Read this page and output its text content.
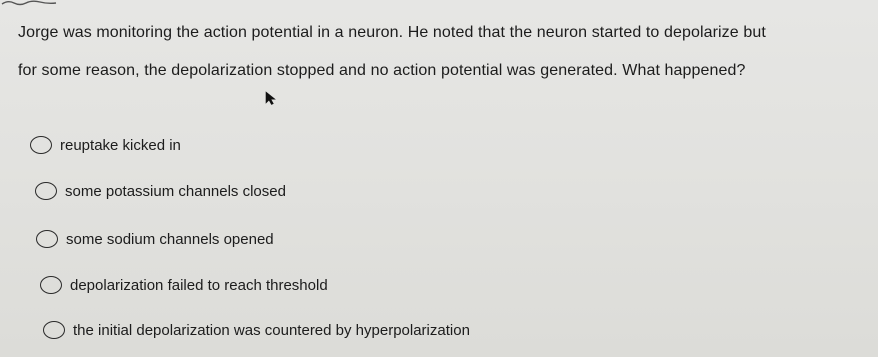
Jorge was monitoring the action potential in a neuron. He noted that the neuron started to depolarize but
for some reason, the depolarization stopped and no action potential was generated. What happened?
reuptake kicked in
some potassium channels closed
some sodium channels opened
depolarization failed to reach threshold
the initial depolarization was countered by hyperpolarization
